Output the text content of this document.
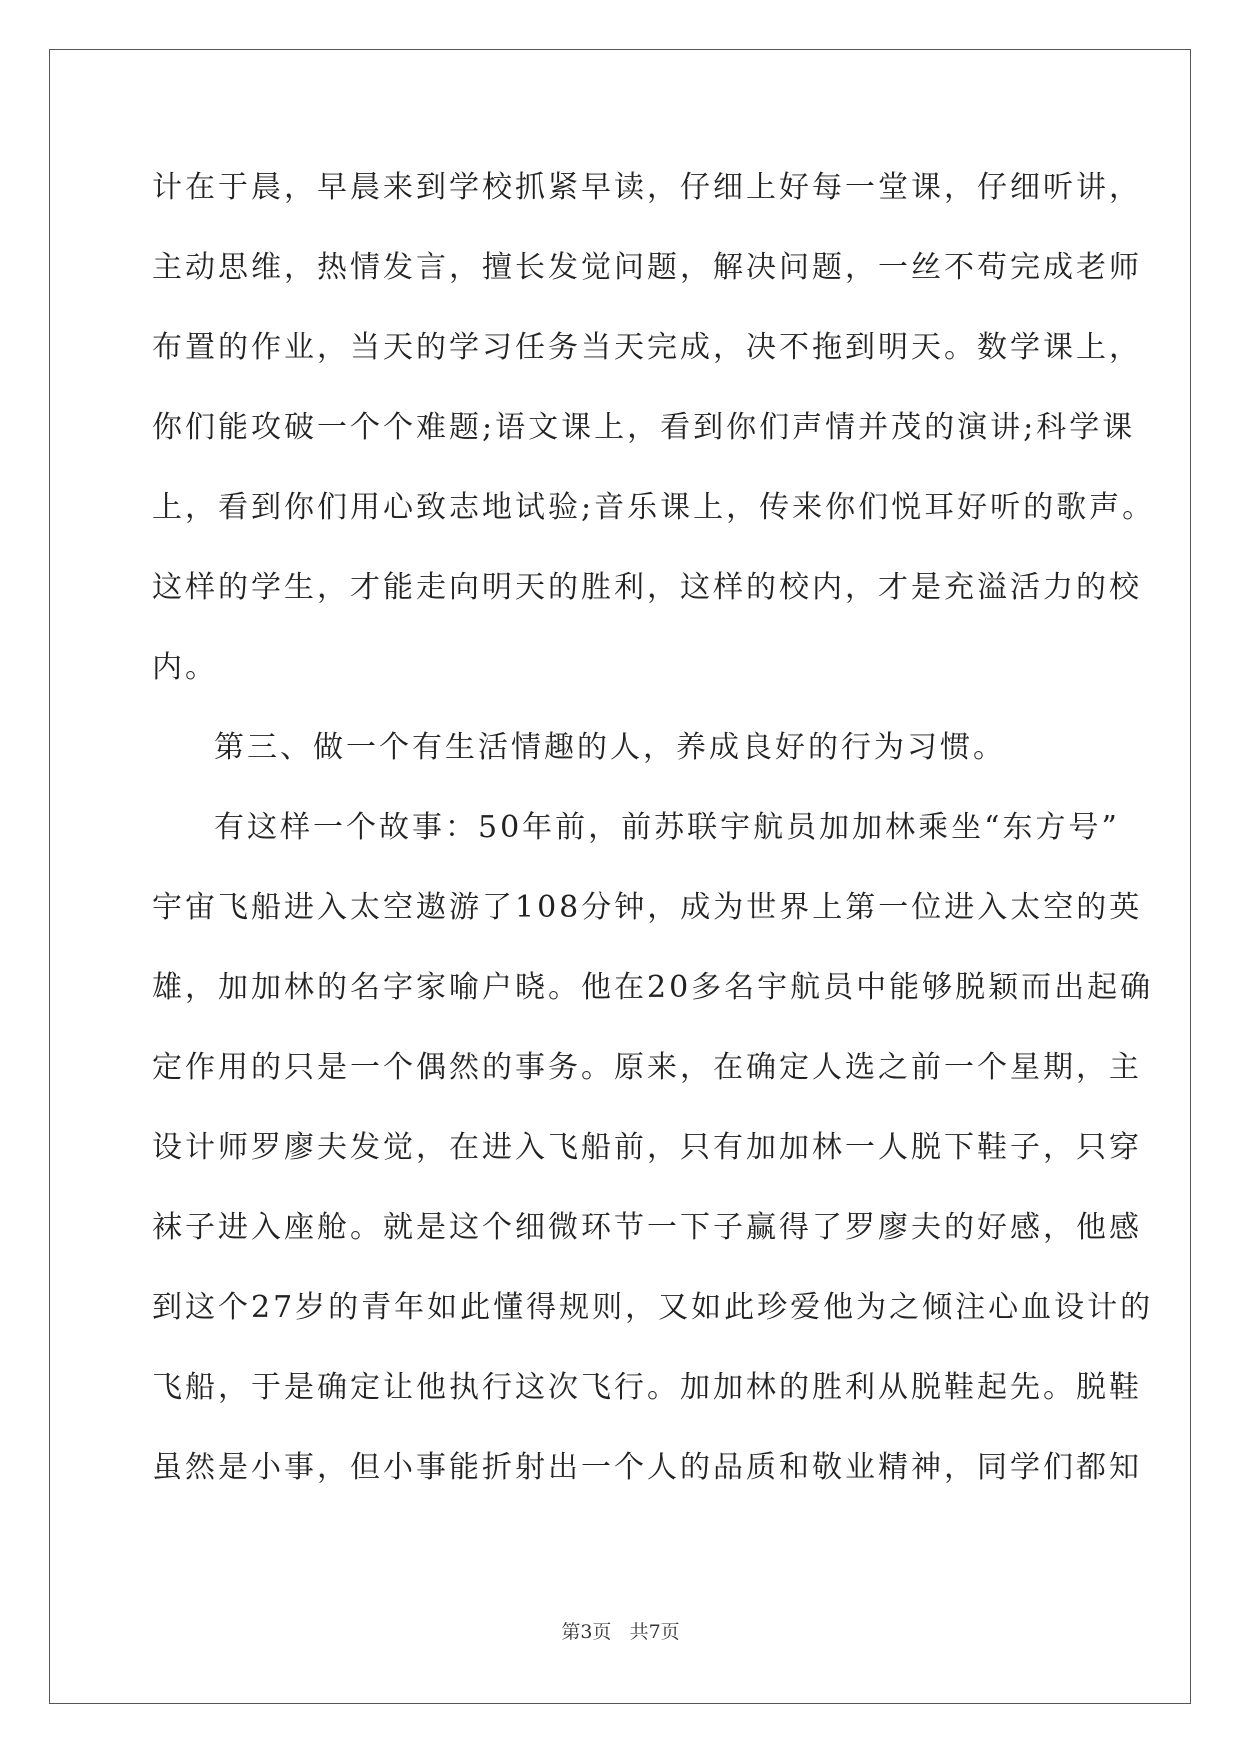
计在于晨，早晨来到学校抓紧早读，仔细上好每一堂课，仔细听讲，
主动思维，热情发言，擅长发觉问题，解决问题，一丝不苟完成老师
布置的作业，当天的学习任务当天完成，决不拖到明天。数学课上，
你们能攻破一个个难题;语文课上，看到你们声情并茂的演讲;科学课
上，看到你们用心致志地试验;音乐课上，传来你们悦耳好听的歌声。
这样的学生，才能走向明天的胜利，这样的校内，才是充溢活力的校
内。
第三、做一个有生活情趣的人，养成良好的行为习惯。
有这样一个故事：50年前，前苏联宇航员加加林乘坐“东方号”
宇宙飞船进入太空遨游了108分钟，成为世界上第一位进入太空的英
雄，加加林的名字家喻户晓。他在20多名宇航员中能够脱颖而出起确
定作用的只是一个偶然的事务。原来，在确定人选之前一个星期，主
设计师罗廖夫发觉，在进入飞船前，只有加加林一人脱下鞋子，只穿
袜子进入座舱。就是这个细微环节一下子赢得了罗廖夫的好感，他感
到这个27岁的青年如此懂得规则，又如此珍爱他为之倾注心血设计的
飞船，于是确定让他执行这次飞行。加加林的胜利从脱鞋起先。脱鞋
虽然是小事，但小事能折射出一个人的品质和敬业精神，同学们都知
第3页 共7页
